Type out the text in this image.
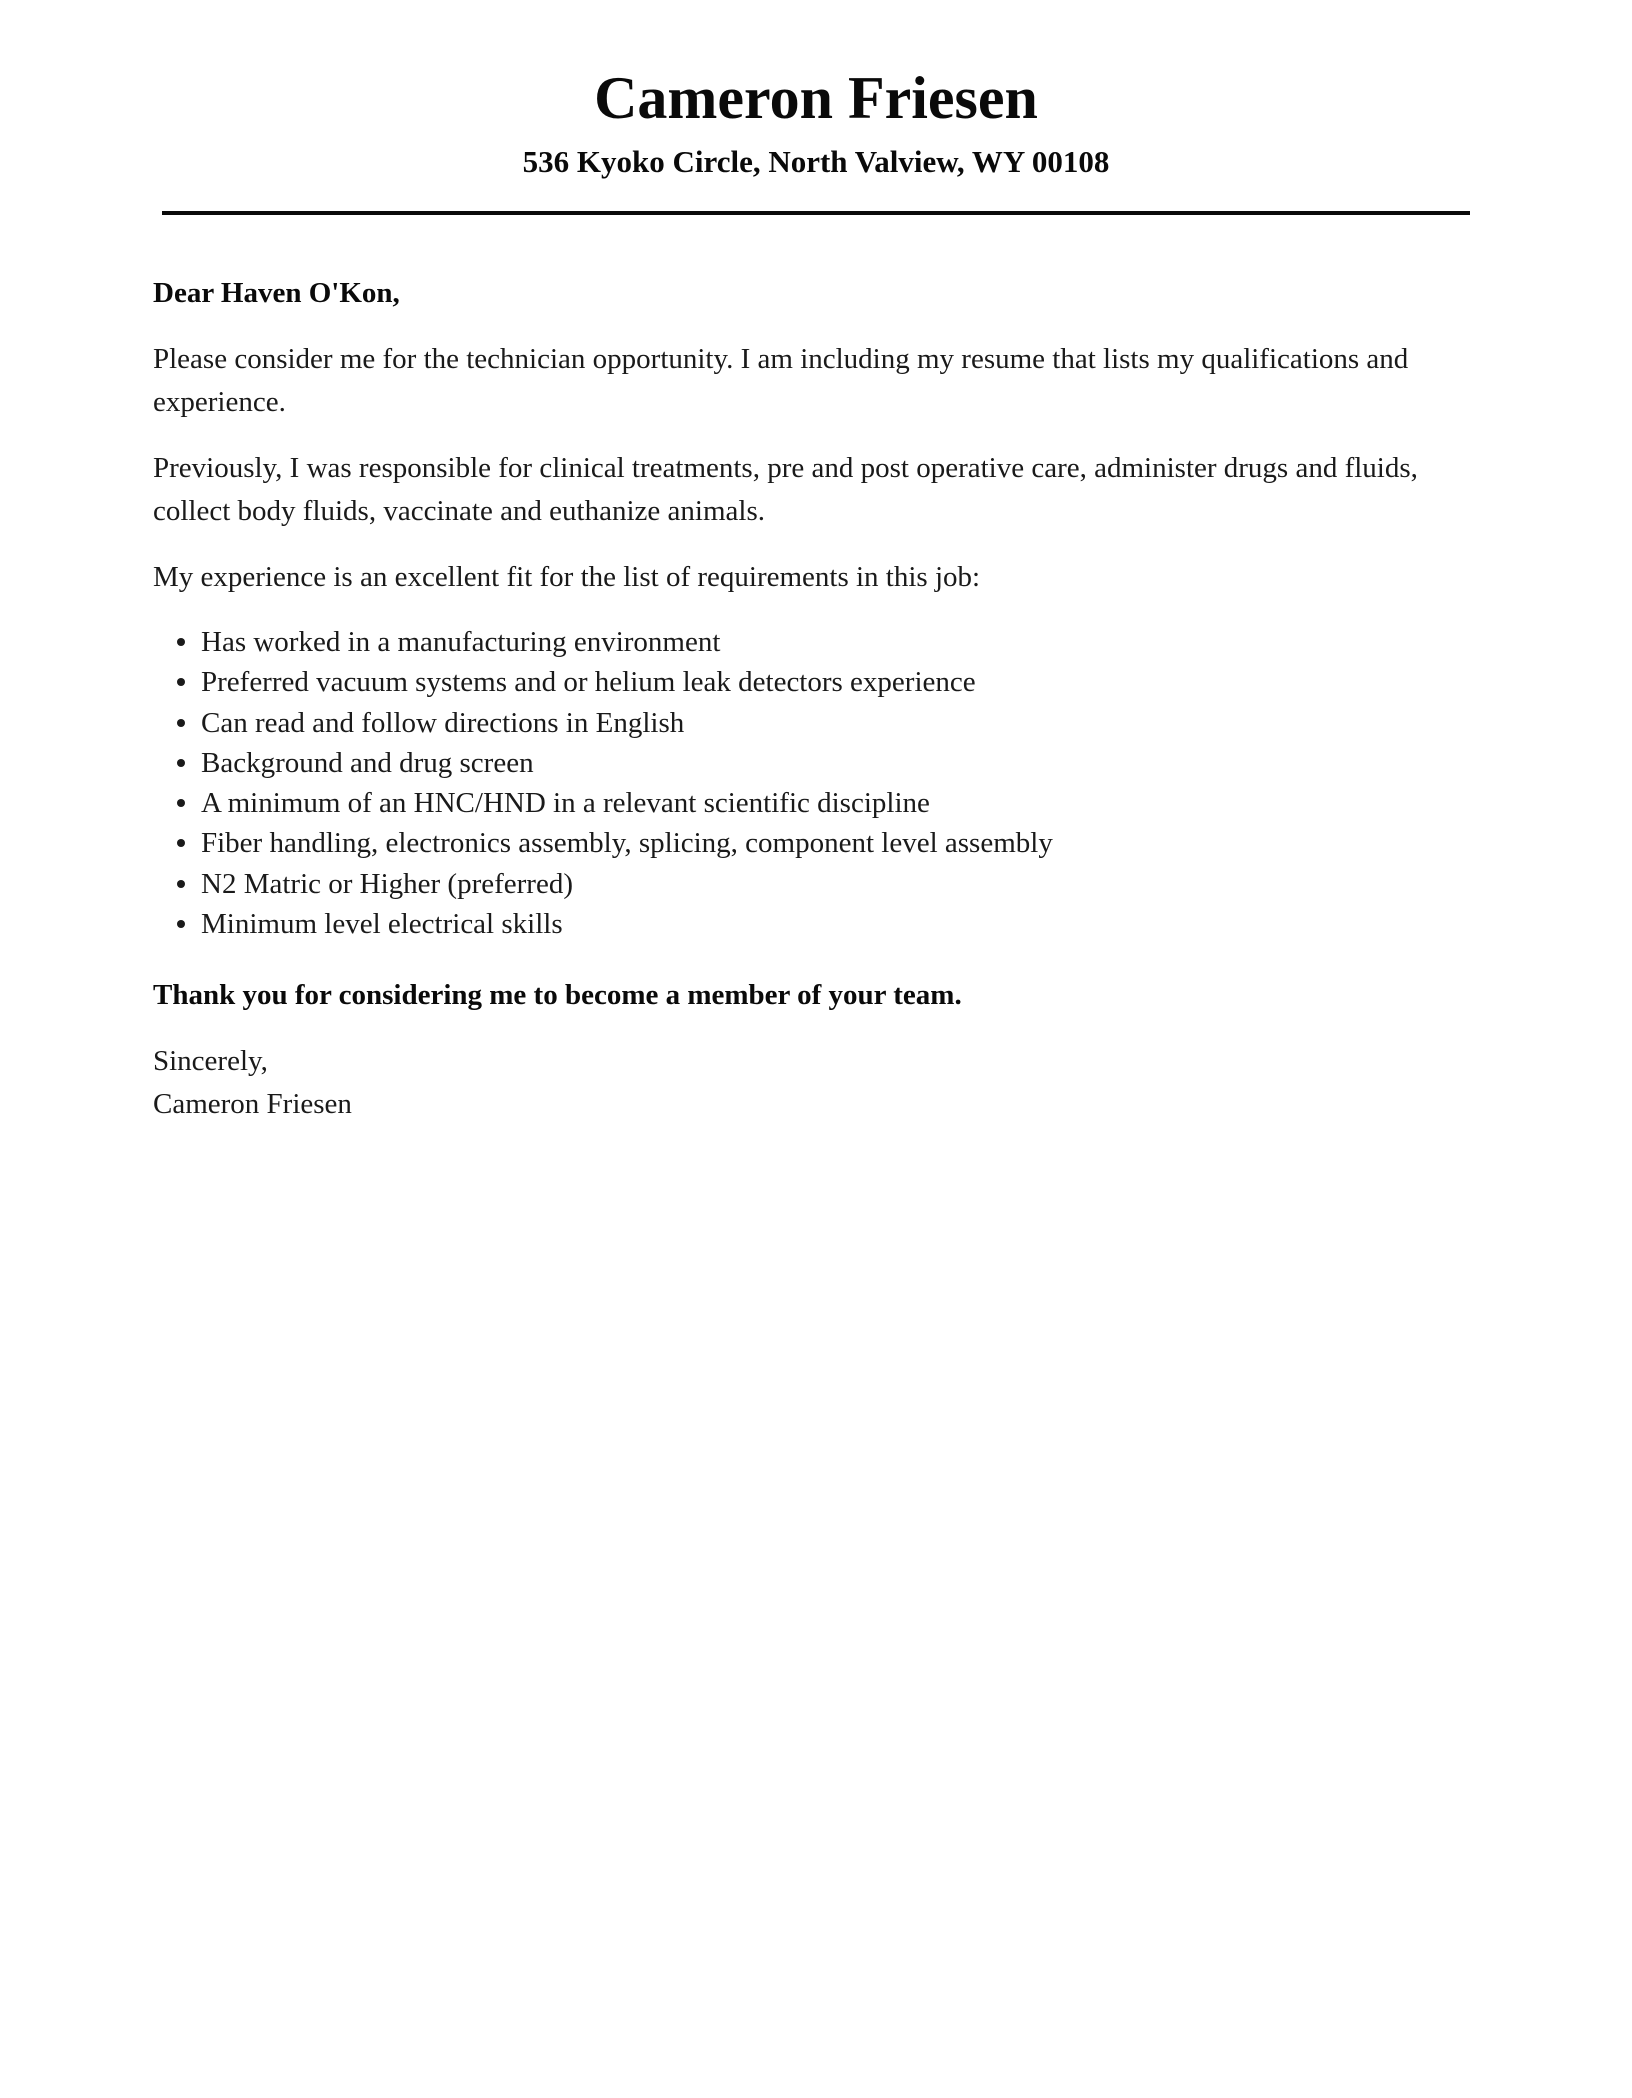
Cameron Friesen
536 Kyoko Circle, North Valview, WY 00108

Dear Haven O'Kon,

Please consider me for the technician opportunity. I am including my resume that lists my qualifications and experience.

Previously, I was responsible for clinical treatments, pre and post operative care, administer drugs and fluids, collect body fluids, vaccinate and euthanize animals.

My experience is an excellent fit for the list of requirements in this job:

Has worked in a manufacturing environment
Preferred vacuum systems and or helium leak detectors experience
Can read and follow directions in English
Background and drug screen
A minimum of an HNC/HND in a relevant scientific discipline
Fiber handling, electronics assembly, splicing, component level assembly
N2 Matric or Higher (preferred)
Minimum level electrical skills

Thank you for considering me to become a member of your team.

Sincerely,
Cameron Friesen
